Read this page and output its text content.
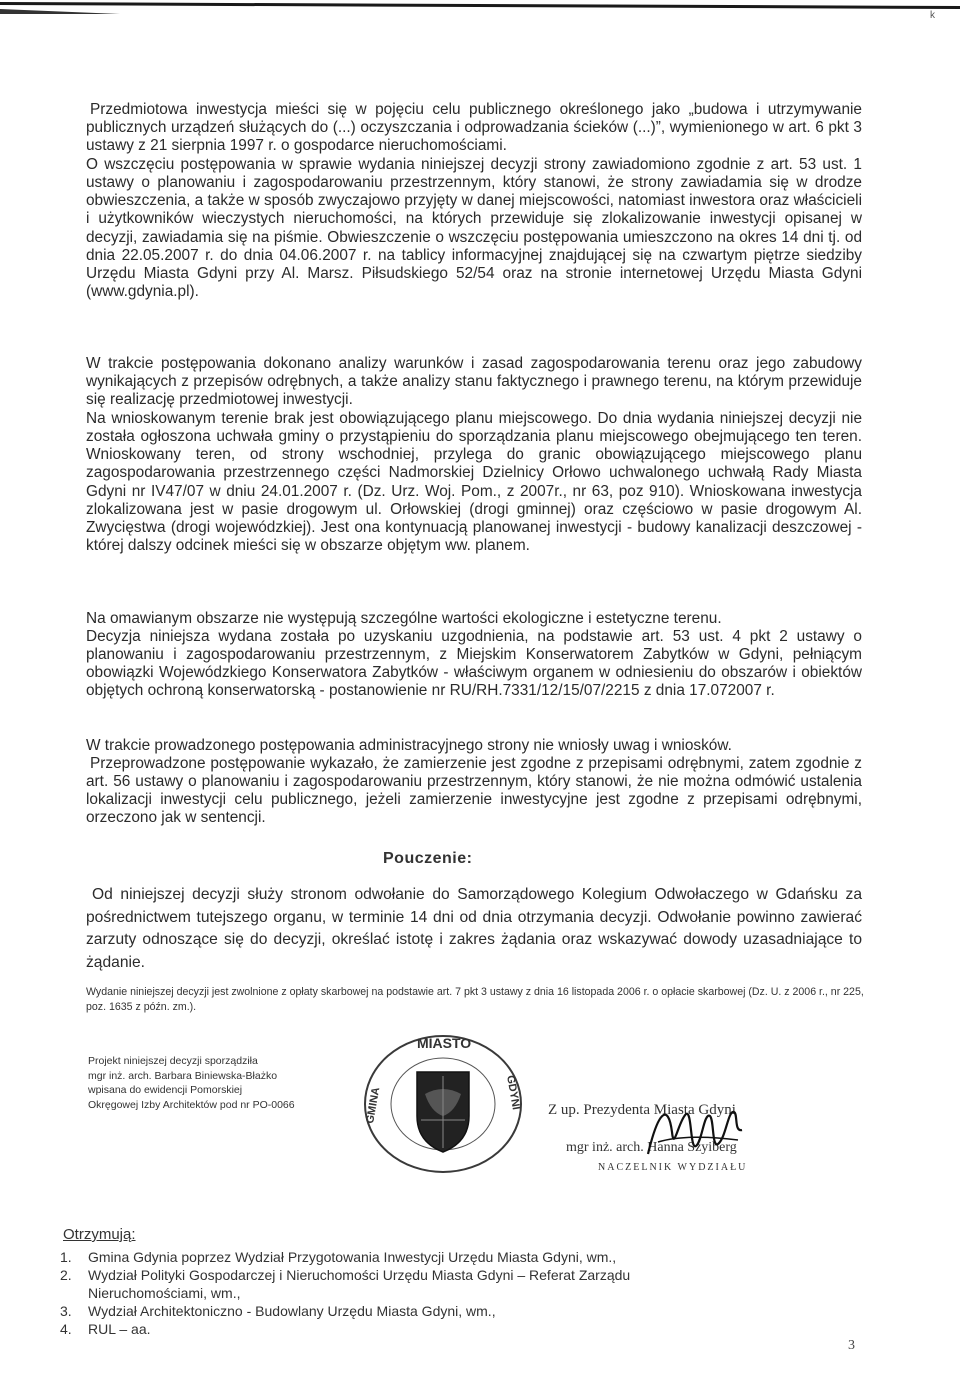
k

Przedmiotowa inwestycja mieści się w pojęciu celu publicznego określonego jako „budowa i utrzymywanie publicznych urządzeń służących do (...) oczyszczania i odprowadzania ścieków (...)”, wymienionego w art. 6 pkt 3 ustawy z 21 sierpnia 1997 r. o gospodarce nieruchomościami.

O wszczęciu postępowania w sprawie wydania niniejszej decyzji strony zawiadomiono zgodnie z art. 53 ust. 1 ustawy o planowaniu i zagospodarowaniu przestrzennym, który stanowi, że strony zawiadamia się w drodze obwieszczenia, a także w sposób zwyczajowo przyjęty w danej miejscowości, natomiast inwestora oraz właścicieli i użytkowników wieczystych nieruchomości, na których przewiduje się zlokalizowanie inwestycji opisanej w decyzji, zawiadamia się na piśmie. Obwieszczenie o wszczęciu postępowania umieszczono na okres 14 dni tj. od dnia 22.05.2007 r. do dnia 04.06.2007 r. na tablicy informacyjnej znajdującej się na czwartym piętrze siedziby Urzędu Miasta Gdyni przy Al. Marsz. Piłsudskiego 52/54 oraz na stronie internetowej Urzędu Miasta Gdyni (www.gdynia.pl).

W trakcie postępowania dokonano analizy warunków i zasad zagospodarowania terenu oraz jego zabudowy wynikających z przepisów odrębnych, a także analizy stanu faktycznego i prawnego terenu, na którym przewiduje się realizację przedmiotowej inwestycji.

Na wnioskowanym terenie brak jest obowiązującego planu miejscowego. Do dnia wydania niniejszej decyzji nie została ogłoszona uchwała gminy o przystąpieniu do sporządzania planu miejscowego obejmującego ten teren. Wnioskowany teren, od strony wschodniej, przylega do granic obowiązującego miejscowego planu zagospodarowania przestrzennego części Nadmorskiej Dzielnicy Orłowo uchwalonego uchwałą Rady Miasta Gdyni nr IV47/07 w dniu 24.01.2007 r. (Dz. Urz. Woj. Pom., z 2007r., nr 63, poz 910). Wnioskowana inwestycja zlokalizowana jest w pasie drogowym ul. Orłowskiej (drogi gminnej) oraz częściowo w pasie drogowym Al. Zwycięstwa (drogi wojewódzkiej). Jest ona kontynuacją planowanej inwestycji - budowy kanalizacji deszczowej - której dalszy odcinek mieści się w obszarze objętym ww. planem.

Na omawianym obszarze nie występują szczególne wartości ekologiczne i estetyczne terenu.

Decyzja niniejsza wydana została po uzyskaniu uzgodnienia, na podstawie art. 53 ust. 4 pkt 2 ustawy o planowaniu i zagospodarowaniu przestrzennym, z Miejskim Konserwatorem Zabytków w Gdyni, pełniącym obowiązki Wojewódzkiego Konserwatora Zabytków - właściwym organem w odniesieniu do obszarów i obiektów objętych ochroną konserwatorską - postanowienie nr RU/RH.7331/12/15/07/2215 z dnia 17.072007 r.

W trakcie prowadzonego postępowania administracyjnego strony nie wniosły uwag i wniosków.

Przeprowadzone postępowanie wykazało, że zamierzenie jest zgodne z przepisami odrębnymi, zatem zgodnie z art. 56 ustawy o planowaniu i zagospodarowaniu przestrzennym, który stanowi, że nie można odmówić ustalenia lokalizacji inwestycji celu publicznego, jeżeli zamierzenie inwestycyjne jest zgodne z przepisami odrębnymi, orzeczono jak w sentencji.

Pouczenie:

Od niniejszej decyzji służy stronom odwołanie do Samorządowego Kolegium Odwołaczego w Gdańsku za pośrednictwem tutejszego organu, w terminie 14 dni od dnia otrzymania decyzji. Odwołanie powinno zawierać zarzuty odnoszące się do decyzji, określać istotę i zakres żądania oraz wskazywać dowody uzasadniające to żądanie.

Wydanie niniejszej decyzji jest zwolnione z opłaty skarbowej na podstawie art. 7 pkt 3 ustawy z dnia 16 listopada 2006 r. o opłacie skarbowej (Dz. U. z 2006 r., nr 225, poz. 1635 z późn. zm.).
Projekt niniejszej decyzji sporządziła
mgr inż. arch. Barbara Biniewska-Błażko
wpisana do ewidencji Pomorskiej
Okręgowej Izby Architektów pod nr PO-0066
MIASTO
GMINA	GDYNI Z up. Prezydenta Miasta Gdyni
mgr inż. arch. Hanna Szyiberg
NACZELNIK WYDZIAŁU
Otrzymują:
1. Gmina Gdynia poprzez Wydział Przygotowania Inwestycji Urzędu Miasta Gdyni, wm.,
2. Wydział Polityki Gospodarczej i Nieruchomości Urzędu Miasta Gdyni – Referat Zarządu
Nieruchomościami, wm.,
3. Wydział Architektoniczno - Budowlany Urzędu Miasta Gdyni, wm.,
4. RUL – aa.
3
